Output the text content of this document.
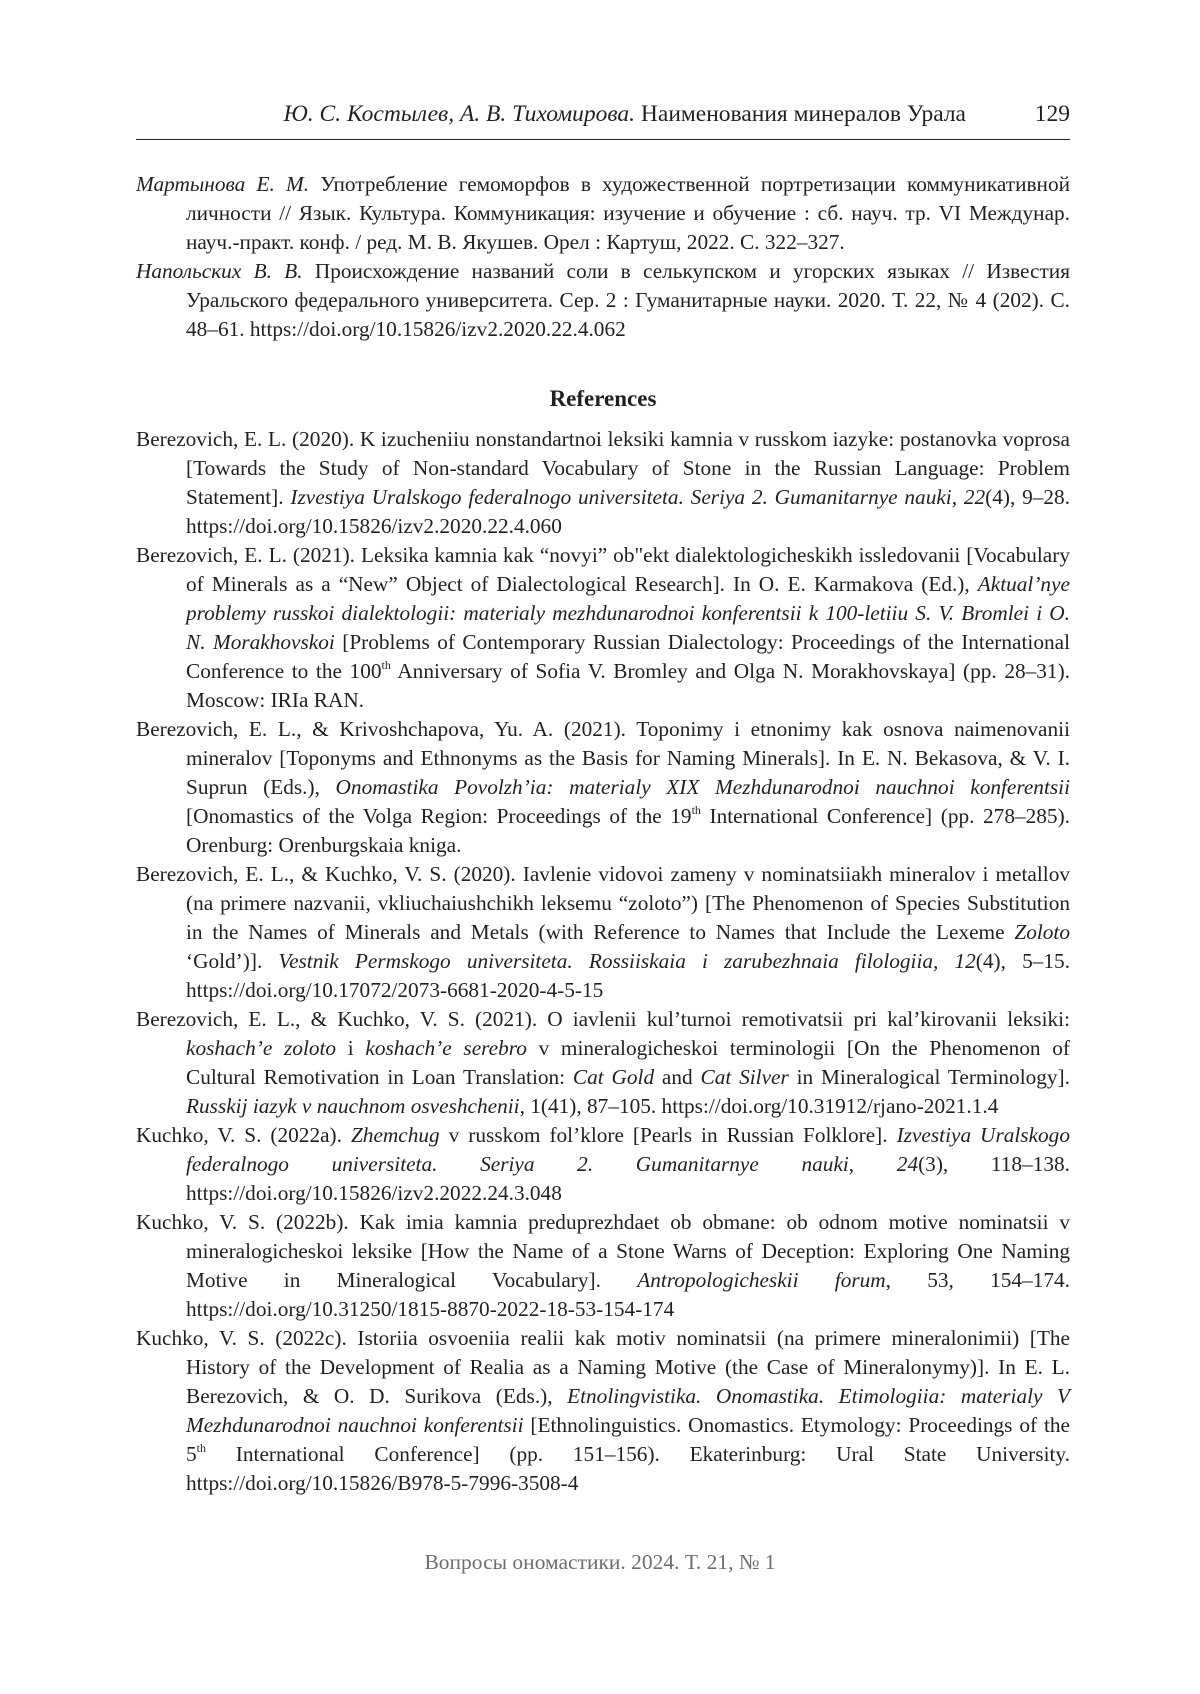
Ю. С. Костылев, А. В. Тихомирова. Наименования минералов Урала	129

Мартынова Е. М. Употребление гемоморфов в художественной портретизации коммуникативной личности // Язык. Культура. Коммуникация: изучение и обучение : сб. науч. тр. VI Междунар. науч.-практ. конф. / ред. М. В. Якушев. Орел : Картуш, 2022. С. 322–327.

Напольских В. В. Происхождение названий соли в селькупском и угорских языках // Известия Уральского федерального университета. Сер. 2 : Гуманитарные науки. 2020. Т. 22, № 4 (202). С. 48–61. https://doi.org/10.15826/izv2.2020.22.4.062

References

Berezovich, E. L. (2020). K izucheniiu nonstandartnoi leksiki kamnia v russkom iazyke: postanovka voprosa [Towards the Study of Non-standard Vocabulary of Stone in the Russian Language: Problem Statement]. Izvestiya Uralskogo federalnogo universiteta. Seriya 2. Gumanitarnye nauki, 22(4), 9–28. https://doi.org/10.15826/izv2.2020.22.4.060

Berezovich, E. L. (2021). Leksika kamnia kak “novyi” ob"ekt dialektologicheskikh issledovanii [Vocabulary of Minerals as a “New” Object of Dialectological Research]. In O. E. Karmakova (Ed.), Aktual’nye problemy russkoi dialektologii: materialy mezhdunarodnoi konferentsii k 100-letiiu S. V. Bromlei i O. N. Morakhovskoi [Problems of Contemporary Russian Dialectology: Proceedings of the International Conference to the 100th Anniversary of Sofia V. Bromley and Olga N. Morakhovskaya] (pp. 28–31). Moscow: IRIa RAN.

Berezovich, E. L., & Krivoshchapova, Yu. A. (2021). Toponimy i etnonimy kak osnova naimenovanii mineralov [Toponyms and Ethnonyms as the Basis for Naming Minerals]. In E. N. Bekasova, & V. I. Suprun (Eds.), Onomastika Povolzh’ia: materialy XIX Mezhdunarodnoi nauchnoi konferentsii [Onomastics of the Volga Region: Proceedings of the 19th International Conference] (pp. 278–285). Orenburg: Orenburgskaia kniga.

Berezovich, E. L., & Kuchko, V. S. (2020). Iavlenie vidovoi zameny v nominatsiiakh mineralov i metallov (na primere nazvanii, vkliuchaiushchikh leksemu “zoloto”) [The Phenomenon of Species Substitution in the Names of Minerals and Metals (with Reference to Names that Include the Lexeme Zoloto ‘Gold’)]. Vestnik Permskogo universiteta. Rossiiskaia i zarubezhnaia filologiia, 12(4), 5–15. https://doi.org/10.17072/2073-6681-2020-4-5-15

Berezovich, E. L., & Kuchko, V. S. (2021). O iavlenii kul’turnoi remotivatsii pri kal’kirovanii leksiki: koshach’e zoloto i koshach’e serebro v mineralogicheskoi terminologii [On the Phenomenon of Cultural Remotivation in Loan Translation: Cat Gold and Cat Silver in Mineralogical Terminology]. Russkij iazyk v nauchnom osveshchenii, 1(41), 87–105. https://doi.org/10.31912/rjano-2021.1.4

Kuchko, V. S. (2022a). Zhemchug v russkom fol’klore [Pearls in Russian Folklore]. Izvestiya Uralskogo federalnogo universiteta. Seriya 2. Gumanitarnye nauki, 24(3), 118–138. https://doi.org/10.15826/izv2.2022.24.3.048

Kuchko, V. S. (2022b). Kak imia kamnia preduprezhdaet ob obmane: ob odnom motive nominatsii v mineralogicheskoi leksike [How the Name of a Stone Warns of Deception: Exploring One Naming Motive in Mineralogical Vocabulary]. Antropologicheskii forum, 53, 154–174. https://doi.org/10.31250/1815-8870-2022-18-53-154-174

Kuchko, V. S. (2022c). Istoriia osvoeniia realii kak motiv nominatsii (na primere mineralonimii) [The History of the Development of Realia as a Naming Motive (the Case of Mineralonymy)]. In E. L. Berezovich, & O. D. Surikova (Eds.), Etnolingvistika. Onomastika. Etimologiia: materialy V Mezhdunarodnoi nauchnoi konferentsii [Ethnolinguistics. Onomastics. Etymology: Proceedings of the 5th International Conference] (pp. 151–156). Ekaterinburg: Ural State University. https://doi.org/10.15826/B978-5-7996-3508-4

Вопросы ономастики. 2024. Т. 21, № 1
